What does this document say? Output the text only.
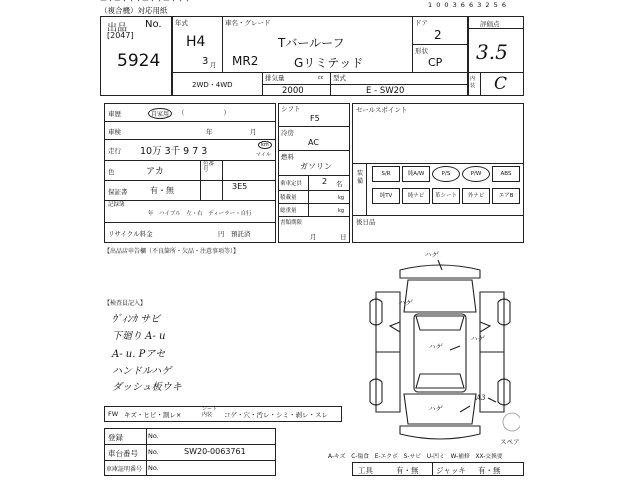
ー・ー・・・ー・・ー・・・
（複合機）対応用紙
1 0 0 3 6 6 3 2 5 6
出品 No.
[2047]
5924
年式
H4
3 月
車名・グレード
Tバールーフ
MR2	Gリミテッド
ドア
2
形状
CP
2WD・4WD
排気量
2000
cc 型式
E - SW20
評価点
3.5
内装 C
車歴	自家用	（　　　　　　）
車検	年	月
走行 10万 3千 9 7 3
km
マイル
色	アカ
色番号
3E5
保証書	有・無
記録簿
年　ハイブル　左・右　ディーラー・自行
リサイクル料金	円　預託済
シフト
F5
冷房
AC
燃料
ガソリン
乗車定員 2 名
積載量	kg
総重量	kg
書類期限
月	日
セールスポイント
装備
S/R	純A/W	P/S	P/W	ABS
純TV	純ナビ	革シート	外ナビ	エアB
後日品
【出品店申告欄（不良箇所・欠品・注意事項等）】
【検査員記入】
ｳﾞｨﾝｶ サビ
下廻り A- u
A- u. Pアセ
ハンドルハゲ
ダッシュ板ウキ
ハゲ
ハゲ
ハゲ
ハゲ
ハゲ
A3
スペア
FW キズ・ヒビ・割レ×　
シート内装	コゲ・穴・汚レ・シミ・剥レ・スレ
登録	No.
車台番号 No.	SW20-0063761
車庫証明番号 No.
A-キズ　C-傷食　E-エクボ　S-サビ　U-凹ミ　W-補修　XX-交換要
工具	有・無 ジャッキ 有・無
